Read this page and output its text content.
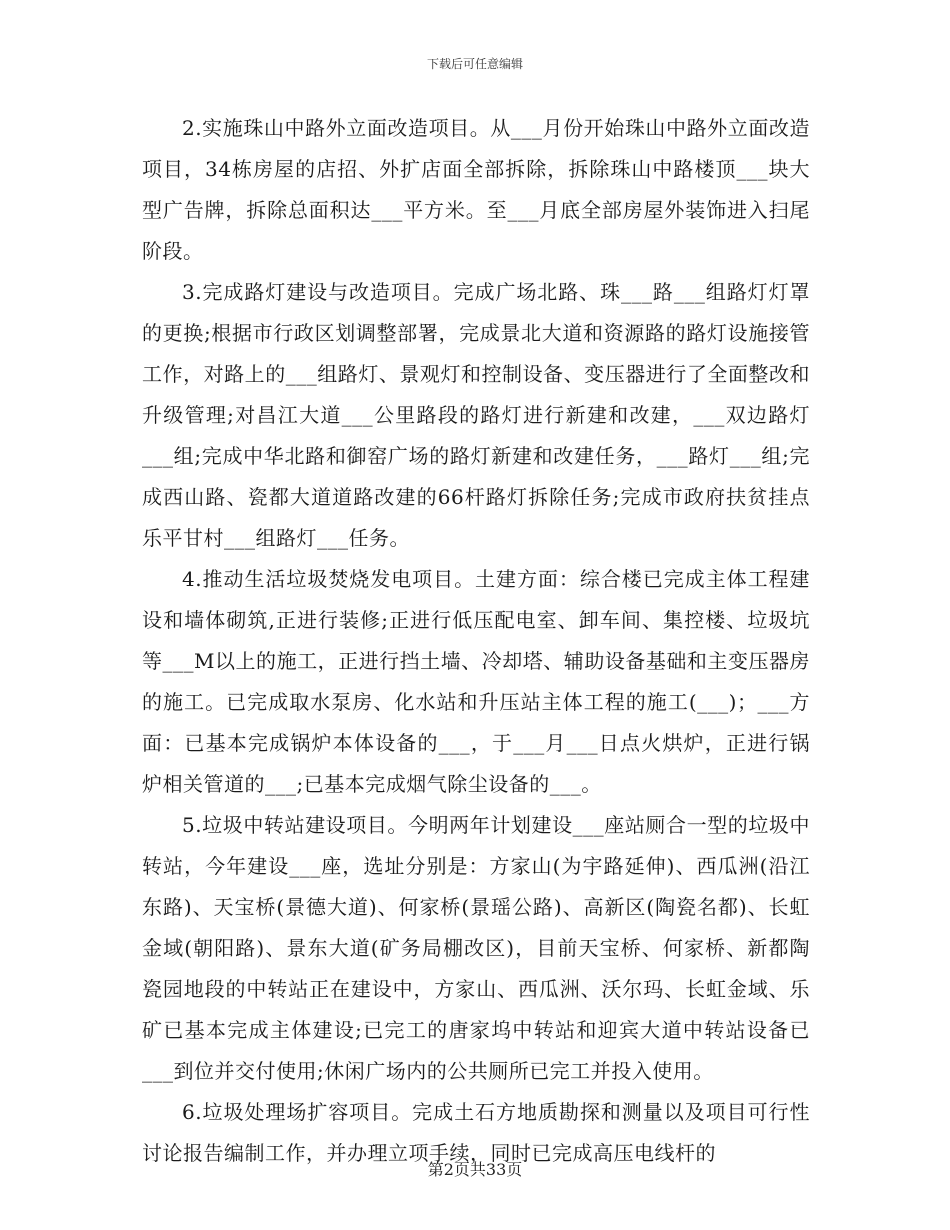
下载后可任意编辑

2.实施珠山中路外立面改造项目。从___月份开始珠山中路外立面改造项目，34栋房屋的店招、外扩店面全部拆除，拆除珠山中路楼顶___块大型广告牌，拆除总面积达___平方米。至___月底全部房屋外装饰进入扫尾阶段。

3.完成路灯建设与改造项目。完成广场北路、珠___路___组路灯灯罩的更换;根据市行政区划调整部署，完成景北大道和资源路的路灯设施接管工作，对路上的___组路灯、景观灯和控制设备、变压器进行了全面整改和升级管理;对昌江大道___公里路段的路灯进行新建和改建，___双边路灯___组;完成中华北路和御窑广场的路灯新建和改建任务，___路灯___组;完成西山路、瓷都大道道路改建的66杆路灯拆除任务;完成市政府扶贫挂点乐平甘村___组路灯___任务。

4.推动生活垃圾焚烧发电项目。土建方面：综合楼已完成主体工程建设和墙体砌筑,正进行装修;正进行低压配电室、卸车间、集控楼、垃圾坑等___M以上的施工，正进行挡土墙、冷却塔、辅助设备基础和主变压器房的施工。已完成取水泵房、化水站和升压站主体工程的施工(___)；___方面：已基本完成锅炉本体设备的___，于___月___日点火烘炉，正进行锅炉相关管道的___;已基本完成烟气除尘设备的___。

5.垃圾中转站建设项目。今明两年计划建设___座站厕合一型的垃圾中转站，今年建设___座，选址分别是：方家山(为宇路延伸)、西瓜洲(沿江东路)、天宝桥(景德大道)、何家桥(景瑶公路)、高新区(陶瓷名都)、长虹金域(朝阳路)、景东大道(矿务局棚改区)，目前天宝桥、何家桥、新都陶瓷园地段的中转站正在建设中，方家山、西瓜洲、沃尔玛、长虹金域、乐矿已基本完成主体建设;已完工的唐家坞中转站和迎宾大道中转站设备已___到位并交付使用;休闲广场内的公共厕所已完工并投入使用。

6.垃圾处理场扩容项目。完成土石方地质勘探和测量以及项目可行性讨论报告编制工作，并办理立项手续，同时已完成高压电线杆的

第2页共33页
